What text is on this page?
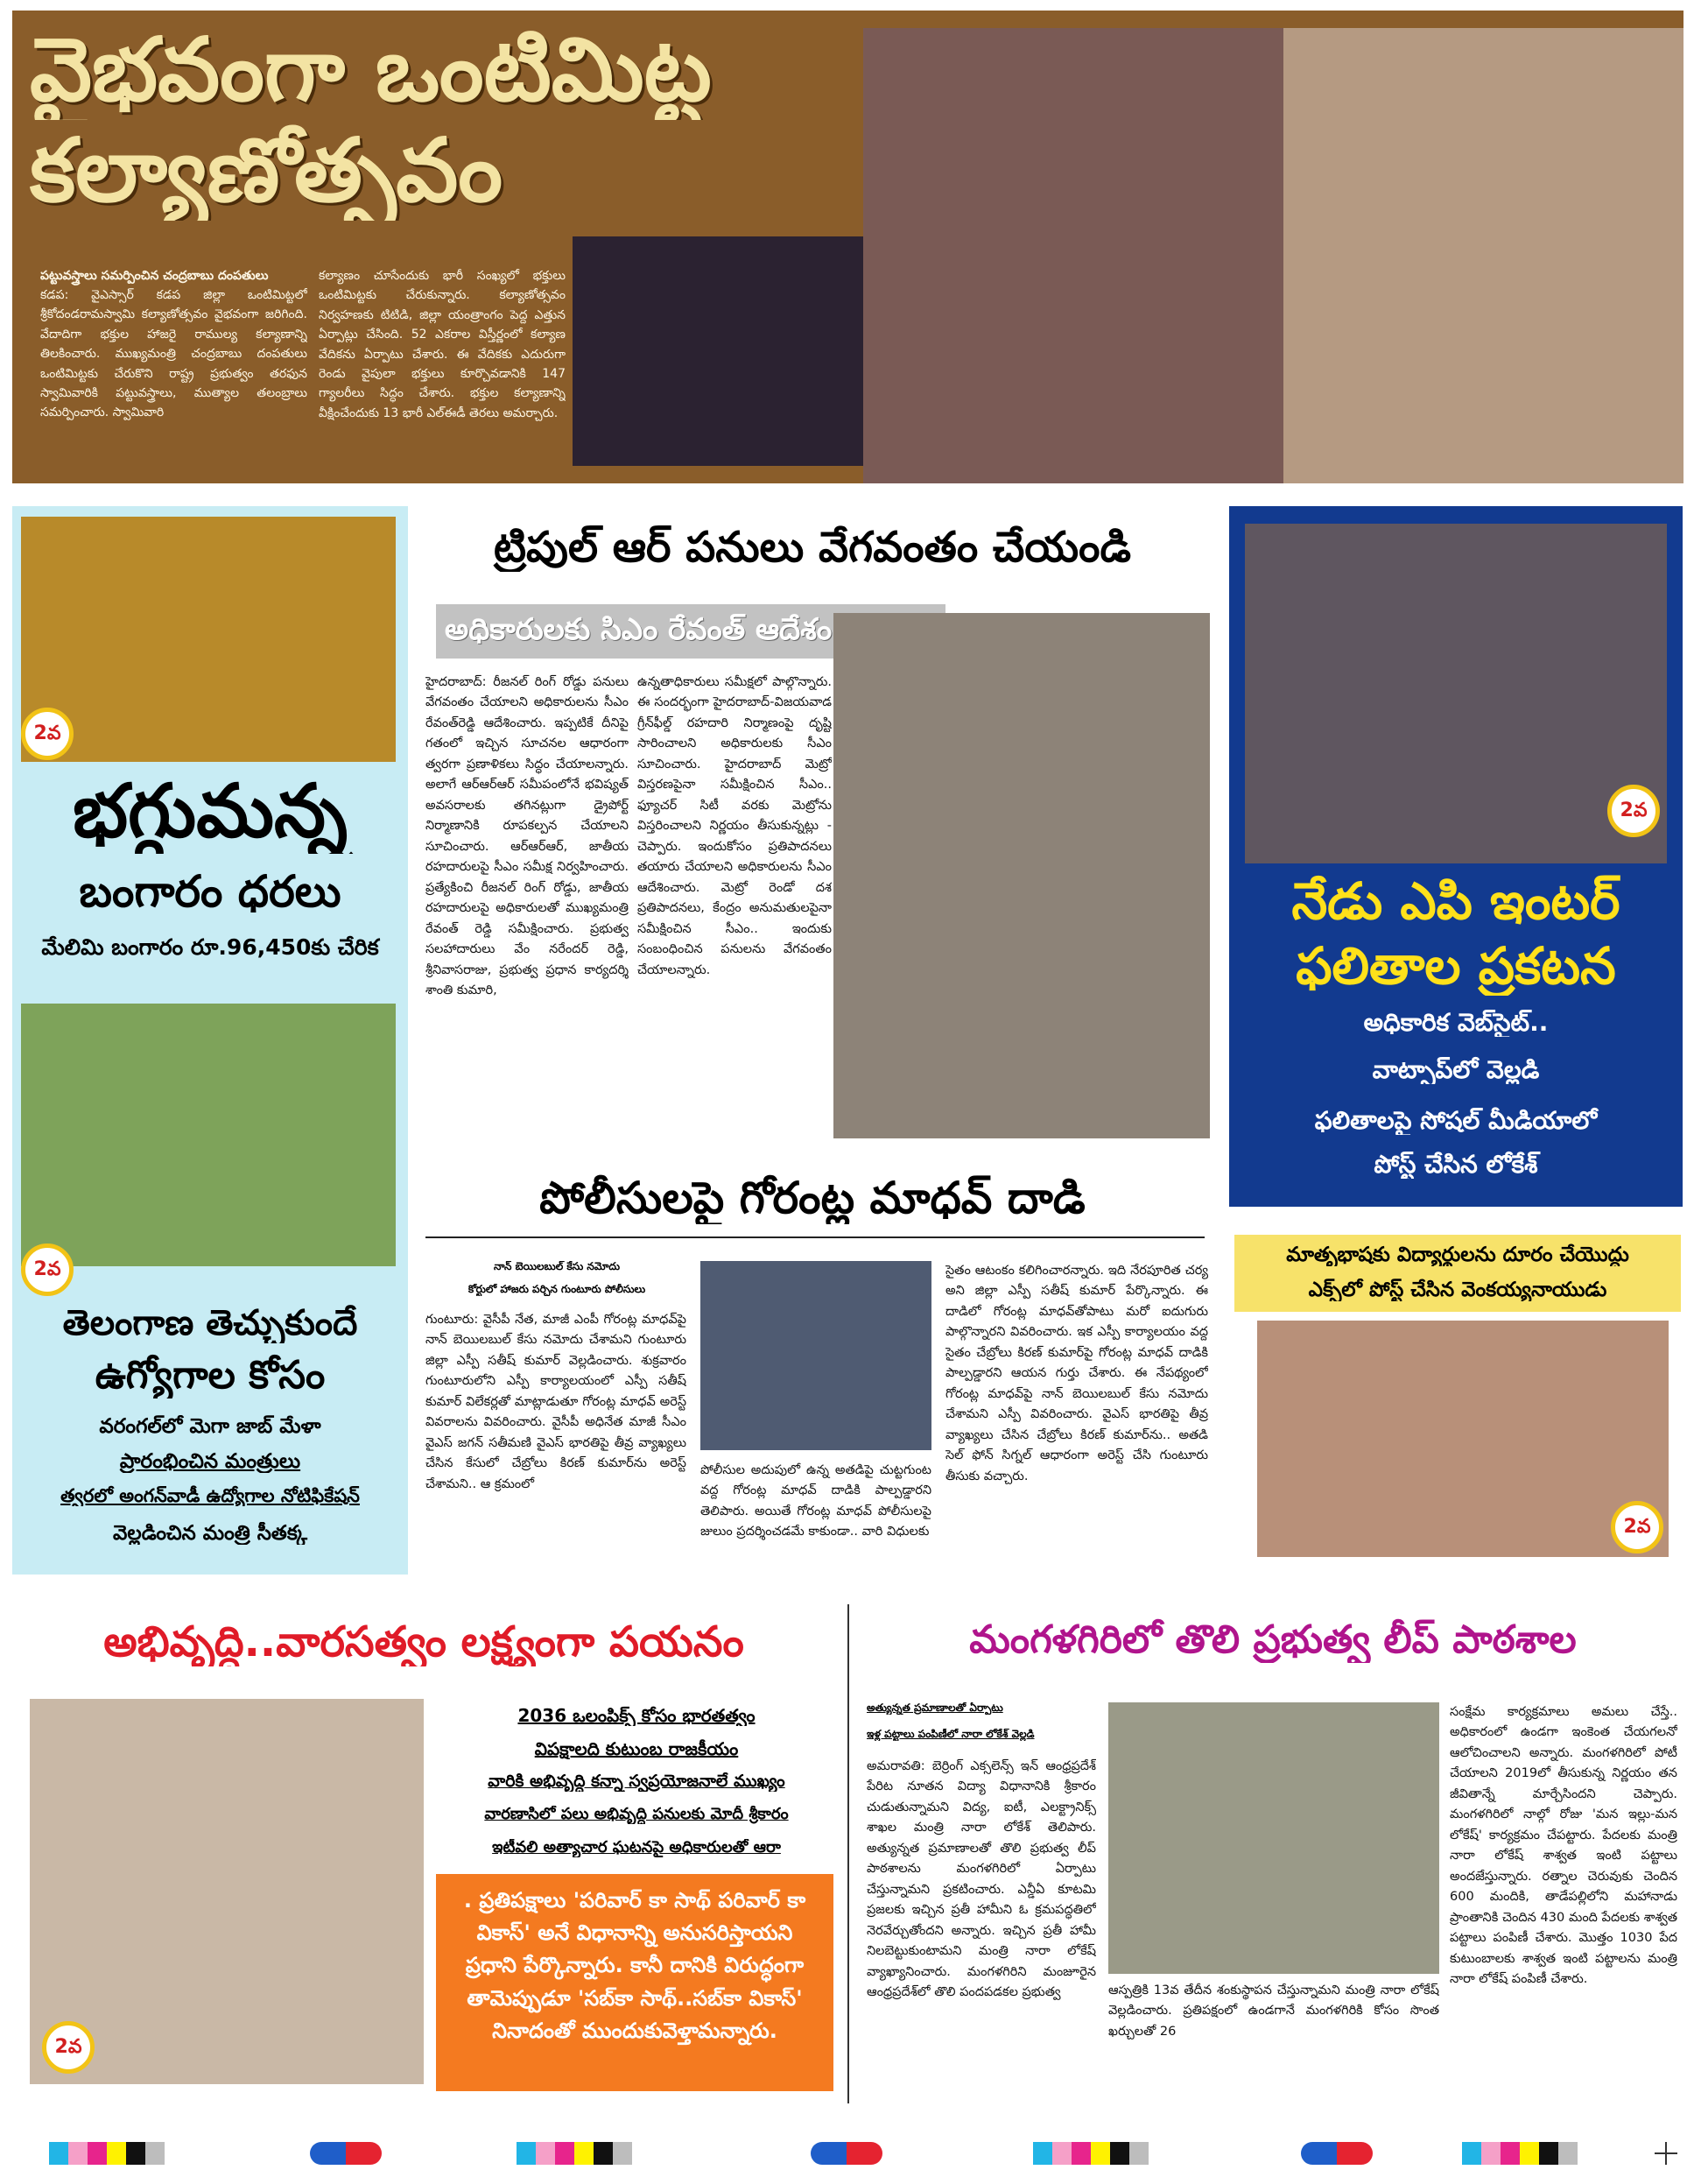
వైభవంగా ఒంటిమిట్ట
కల్యాణోత్సవం
పట్టువస్త్రాలు సమర్పించిన చంద్రబాబు దంపతులు
కడప: వైఎస్సార్ కడప జిల్లా ఒంటిమిట్టలో శ్రీకోదండరామస్వామి కల్యాణోత్సవం వైభవంగా జరిగింది. వేదాదిగా భక్తుల హాజరై రాముల్య కల్యాణాన్ని తిలకించారు. ముఖ్యమంత్రి చంద్రబాబు దంపతులు ఒంటిమిట్టకు చేరుకొని రాష్ట్ర ప్రభుత్వం తరఫున స్వామివారికి పట్టువస్త్రాలు, ముత్యాల తలంబ్రాలు సమర్పించారు. స్వామివారి
కల్యాణం చూసేందుకు భారీ సంఖ్యలో భక్తులు ఒంటిమిట్టకు చేరుకున్నారు. కల్యాణోత్సవం నిర్వహణకు టిటిడి, జిల్లా యంత్రాంగం పెద్ద ఎత్తున ఏర్పాట్లు చేసింది. 52 ఎకరాల విస్తీర్ణంలో కల్యాణ వేదికను ఏర్పాటు చేశారు. ఈ వేదికకు ఎదురుగా రెండు వైపులా భక్తులు కూర్చొవడానికి 147 గ్యాలరీలు సిద్ధం చేశారు. భక్తుల కల్యాణాన్ని వీక్షించేందుకు 13 భారీ ఎల్ఈడీ తెరలు అమర్చారు.
2వ
భగ్గుమన్న
బంగారం ధరలు
మేలిమి బంగారం రూ.96,450కు చేరిక
2వ
తెలంగాణ తెచ్చుకుందే
ఉగ్యోగాల కోసం
వరంగల్‌లో మెగా జాబ్ మేళా
ప్రారంభించిన మంత్రులు
త్వరలో అంగన్‌వాడీ ఉద్యోగాల నోటిఫికేషన్
వెల్లడించిన మంత్రి సీతక్క
ట్రిపుల్ ఆర్ పనులు వేగవంతం చేయండి
అధికారులకు సిఎం రేవంత్ ఆదేశం
హైదరాబాద్: రీజనల్ రింగ్ రోడ్డు పనులు వేగవంతం చేయాలని అధికారులను సీఎం రేవంత్‌రెడ్డి ఆదేశించారు. ఇప్పటికే దీనిపై గతంలో ఇచ్చిన సూచనల ఆధారంగా త్వరగా ప్రణాళికలు సిద్ధం చేయాలన్నారు. అలాగే ఆర్‌ఆర్‌ఆర్ సమీపంలోనే భవిష్యత్ అవసరాలకు తగినట్లుగా డ్రైపోర్ట్ నిర్మాణానికి రూపకల్పన చేయాలని సూచించారు. ఆర్‌ఆర్‌ఆర్, జాతీయ రహదారులపై సీఎం సమీక్ష నిర్వహించారు. ప్రత్యేకించి రీజనల్ రింగ్ రోడ్డు, జాతీయ రహదారులపై అధికారులతో ముఖ్యమంత్రి రేవంత్ రెడ్డి సమీక్షించారు. ప్రభుత్వ సలహాదారులు వేం నరేందర్ రెడ్డి, శ్రీనివాసరాజు, ప్రభుత్వ ప్రధాన కార్యదర్శి శాంతి కుమారి,
ఉన్నతాధికారులు సమీక్షలో పాల్గొన్నారు. ఈ సందర్భంగా హైదరాబాద్-విజయవాడ గ్రీన్‌ఫీల్డ్ రహదారి నిర్మాణంపై దృష్టి సారించాలని అధికారులకు సీఎం సూచించారు. హైదరాబాద్ మెట్రో విస్తరణపైనా సమీక్షించిన సీఎం.. ఫ్యూచర్ సిటీ వరకు మెట్రోను విస్తరించాలని నిర్ణయం తీసుకున్నట్లు - చెప్పారు. ఇందుకోసం ప్రతిపాదనలు తయారు చేయాలని అధికారులను సీఎం ఆదేశించారు. మెట్రో రెండో దశ ప్రతిపాదనలు, కేంద్రం అనుమతులపైనా సమీక్షించిన సీఎం.. ఇందుకు సంబంధించిన పనులను వేగవంతం చేయాలన్నారు.
2వ
నేడు ఎపి ఇంటర్
ఫలితాల ప్రకటన
అధికారిక వెబ్‌సైట్..
వాట్సాప్‌లో వెల్లడి
ఫలితాలపై సోషల్ మీడియాలో
పోస్ట్ చేసిన లోకేశ్
పోలీసులపై గోరంట్ల మాధవ్ దాడి
నాన్ బెయిలబుల్ కేసు నమోదు
కోర్టులో హాజరు పర్చిన గుంటూరు పోలీసులు
గుంటూరు: వైసీపీ నేత, మాజీ ఎంపీ గోరంట్ల మాధవ్‌పై నాన్ బెయిలబుల్ కేసు నమోదు చేశామని గుంటూరు జిల్లా ఎస్పీ సతీష్ కుమార్ వెల్లడించారు. శుక్రవారం గుంటూరులోని ఎస్పీ కార్యాలయంలో ఎస్పీ సతీష్ కుమార్ విలేకర్లతో మాట్లాడుతూ గోరంట్ల మాధవ్ అరెస్ట్ వివరాలను వివరించారు. వైసీపీ అధినేత మాజీ సీఎం వైఎస్ జగన్ సతీమణి వైఎస్ భారతిపై తీవ్ర వ్యాఖ్యలు చేసిన కేసులో చేబ్రోలు కిరణ్ కుమార్‌ను అరెస్ట్ చేశామని.. ఆ క్రమంలో
పోలీసుల అదుపులో ఉన్న అతడిపై చుట్టగుంట వద్ద గోరంట్ల మాధవ్ దాడికి పాల్పడ్డారని తెలిపారు. అయితే గోరంట్ల మాధవ్ పోలీసులపై జులుం ప్రదర్శించడమే కాకుండా.. వారి విధులకు
సైతం ఆటంకం కలిగించారన్నారు. ఇది నేరపూరిత చర్య అని జిల్లా ఎస్పీ సతీష్ కుమార్ పేర్కొన్నారు. ఈ దాడిలో గోరంట్ల మాధవ్‌తోపాటు మరో ఐదుగురు పాల్గొన్నారని వివరించారు. ఇక ఎస్పీ కార్యాలయం వద్ద సైతం చేబ్రోలు కిరణ్ కుమార్‌పై గోరంట్ల మాధవ్ దాడికి పాల్పడ్డారని ఆయన గుర్తు చేశారు. ఈ నేపథ్యంలో గోరంట్ల మాధవ్‌పై నాన్ బెయిలబుల్ కేసు నమోదు చేశామని ఎస్పీ వివరించారు. వైఎస్ భారతిపై తీవ్ర వ్యాఖ్యలు చేసిన చేబ్రోలు కిరణ్ కుమార్‌ను.. అతడి సెల్ ఫోన్ సిగ్నల్ ఆధారంగా అరెస్ట్ చేసి గుంటూరు తీసుకు వచ్చారు.
మాతృభాషకు విద్యార్థులను దూరం చేయొద్దు
ఎక్స్‌లో పోస్ట్ చేసిన వెంకయ్యనాయుడు
2వ
అభివృద్ధి..వారసత్వం లక్ష్యంగా పయనం
2వ
2036 ఒలంపిక్స్ కోసం భారతత్వం
విపక్షాలది కుటుంబ రాజకీయం
వారికి అభివృద్ధి కన్నా స్వప్రయోజనాలే ముఖ్యం
వారణాసిలో పలు అభివృద్ధి పనులకు మోదీ శ్రీకారం
ఇటీవలి అత్యాచార ఘటనపై అధికారులతో ఆరా
. ప్రతిపక్షాలు 'పరివార్ కా సాథ్ పరివార్ కా వికాస్' అనే విధానాన్ని అనుసరిస్తాయని ప్రధాని పేర్కొన్నారు. కానీ దానికి విరుద్ధంగా తామెప్పుడూ 'సబ్‌కా సాథ్..సబ్‌కా వికాస్' నినాదంతో ముందుకువెళ్తామన్నారు.
మంగళగిరిలో తొలి ప్రభుత్వ లీప్ పాఠశాల
అత్యున్నత ప్రమాణాలతో ఏర్పాటు
ఇళ్ల పట్టాలు పంపిణీలో నారా లోకేశ్ వెల్లడి
అమరావతి: బెర్రింగ్ ఎక్సలెన్స్ ఇన్ ఆంధ్రప్రదేశ్ పేరిట నూతన విద్యా విధానానికి శ్రీకారం చుడుతున్నామని విద్య, ఐటీ, ఎలక్ట్రానిక్స్ శాఖల మంత్రి నారా లోకేశ్ తెలిపారు. అత్యున్నత ప్రమాణాలతో తొలి ప్రభుత్వ లీప్ పాఠశాలను మంగళగిరిలో ఏర్పాటు చేస్తున్నామని ప్రకటించారు. ఎన్డీఏ కూటమి ప్రజలకు ఇచ్చిన ప్రతీ హామీని ఓ క్రమపద్ధతిలో నెరవేర్చుతోందని అన్నారు. ఇచ్చిన ప్రతీ హామీ నిలబెట్టుకుంటామని మంత్రి నారా లోకేష్ వ్యాఖ్యానించారు. మంగళగిరిని మంజూరైన ఆంధ్రప్రదేశ్‌లో తొలి పందపడకల ప్రభుత్వ	ఆస్పత్రికి 13వ తేదీన శంకుస్థాపన చేస్తున్నామని మంత్రి నారా లోకేష్ వెల్లడించారు. ప్రతిపక్షంలో ఉండగానే మంగళగిరికి కోసం సొంత ఖర్చులతో 26
సంక్షేమ కార్యక్రమాలు అమలు చేస్తే.. అధికారంలో ఉండగా ఇంకెంత చేయగలనో ఆలోచించాలని అన్నారు. మంగళగిరిలో పోటీ చేయాలని 2019లో తీసుకున్న నిర్ణయం తన జీవితాన్నే మార్చేసిందని చెప్పారు. మంగళగిరిలో నాల్గో రోజు 'మన ఇల్లు-మన లోకేష్' కార్యక్రమం చేపట్టారు. పేదలకు మంత్రి నారా లోకేష్ శాశ్వత ఇంటి పట్టాలు అందజేస్తున్నారు. రత్నాల చెరువుకు చెందిన 600 మందికి, తాడేపల్లిలోని మహానాడు ప్రాంతానికి చెందిన 430 మంది పేదలకు శాశ్వత పట్టాలు పంపిణీ చేశారు. మొత్తం 1030 పేద కుటుంబాలకు శాశ్వత ఇంటి పట్టాలను మంత్రి నారా లోకేష్ పంపిణీ చేశారు.
